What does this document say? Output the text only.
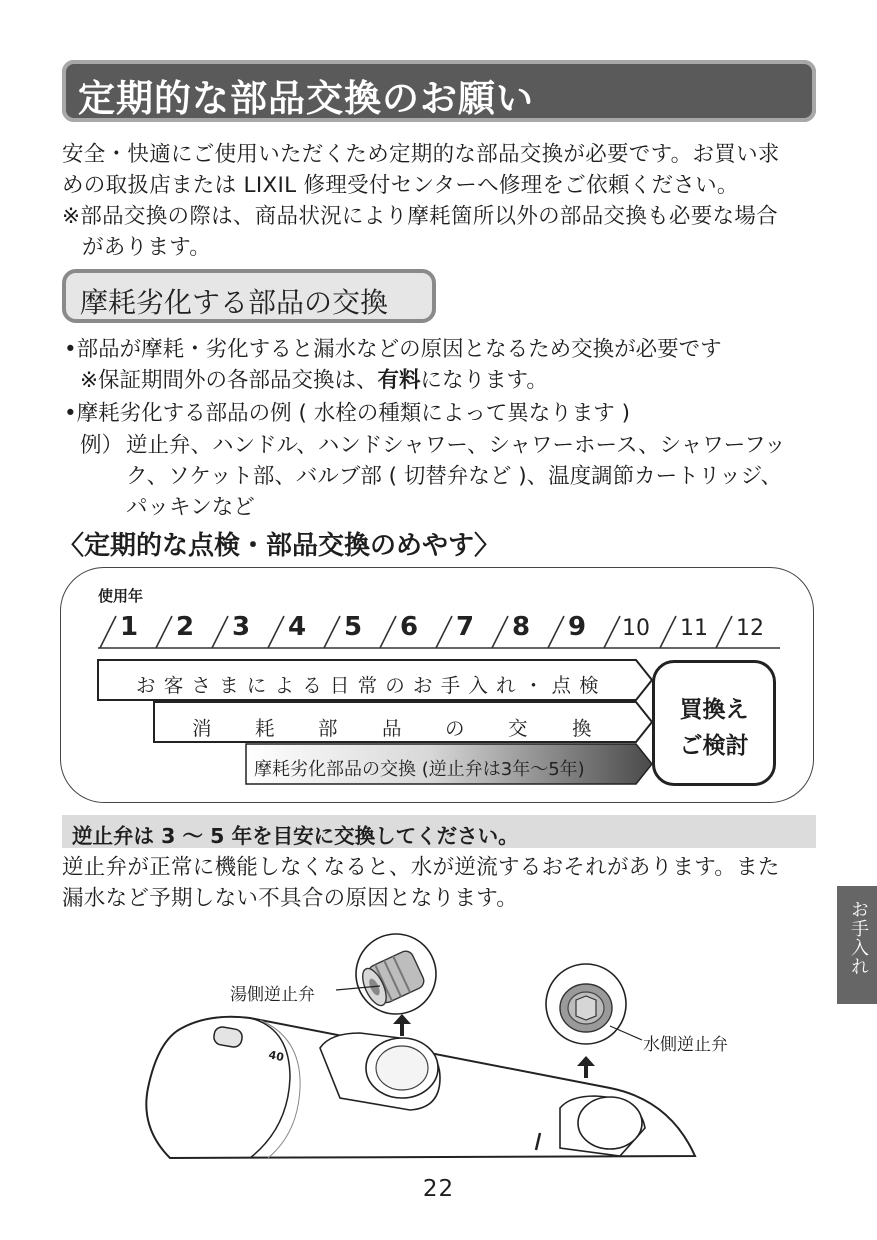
定期的な部品交換のお願い
安全・快適にご使用いただくため定期的な部品交換が必要です。お買い求
めの取扱店または LIXIL 修理受付センターへ修理をご依頼ください。
※部品交換の際は、商品状況により摩耗箇所以外の部品交換も必要な場合
があります。
摩耗劣化する部品の交換
•部品が摩耗・劣化すると漏水などの原因となるため交換が必要です
※保証期間外の各部品交換は、有料になります。
•摩耗劣化する部品の例 ( 水栓の種類によって異なります )
例） 逆止弁、ハンドル、ハンドシャワー、シャワーホース、シャワーフッ
ク、ソケット部、バルブ部 ( 切替弁など )、温度調節カートリッジ、
パッキンなど
〈定期的な点検・部品交換のめやす〉
使用年
1 2 3 4 5 6 7 8 9 10 11 12
お 客 さ ま に よ る 日 常 の お 手 入 れ ・ 点 検
消 耗 部 品 の 交 換
摩耗劣化部品の交換 (逆止弁は3年〜5年)
買換え
ご検討
逆止弁は 3 〜 5 年を目安に交換してください。
逆止弁が正常に機能しなくなると、水が逆流するおそれがあります。また
漏水など予期しない不具合の原因となります。
お手入れ
40
湯側逆止弁
水側逆止弁
22
